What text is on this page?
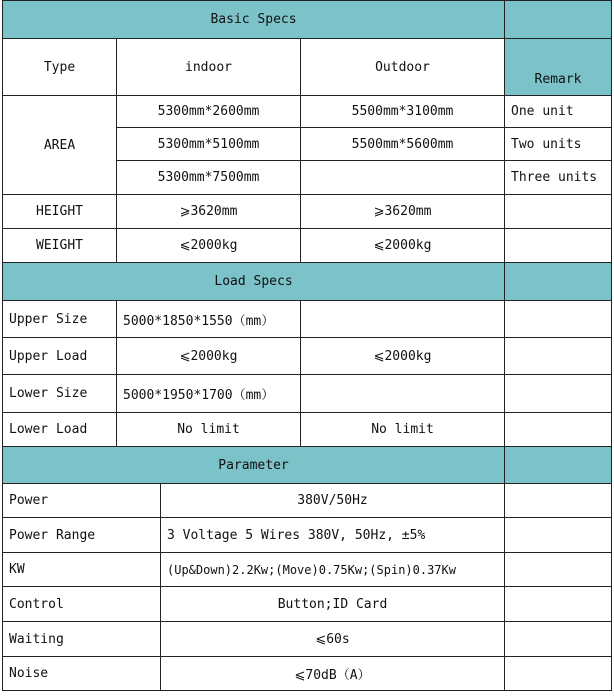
Basic Specs				
Type	indoor		Outdoor	Remark
AREA	5300mm*2600mm		5500mm*3100mm	One unit
	5300mm*5100mm		5500mm*5600mm	Two units
	5300mm*7500mm			Three units
HEIGHT	⩾3620mm		⩾3620mm	
WEIGHT	⩽2000kg		⩽2000kg	
Load Specs				
Upper Size	5000*1850*1550（mm）			
Upper Load	⩽2000kg		⩽2000kg	
Lower Size	5000*1950*1700（mm）			
Lower Load	No limit		No limit	
Parameter				
Power		380V/50Hz		
Power Range		3 Voltage 5 Wires 380V, 50Hz, ±5%		
KW		(Up&Down)2.2Kw;(Move)0.75Kw;(Spin)0.37Kw		
Control		Button;ID Card		
Waiting		⩽60s		
Noise		⩽70dB（A）		
